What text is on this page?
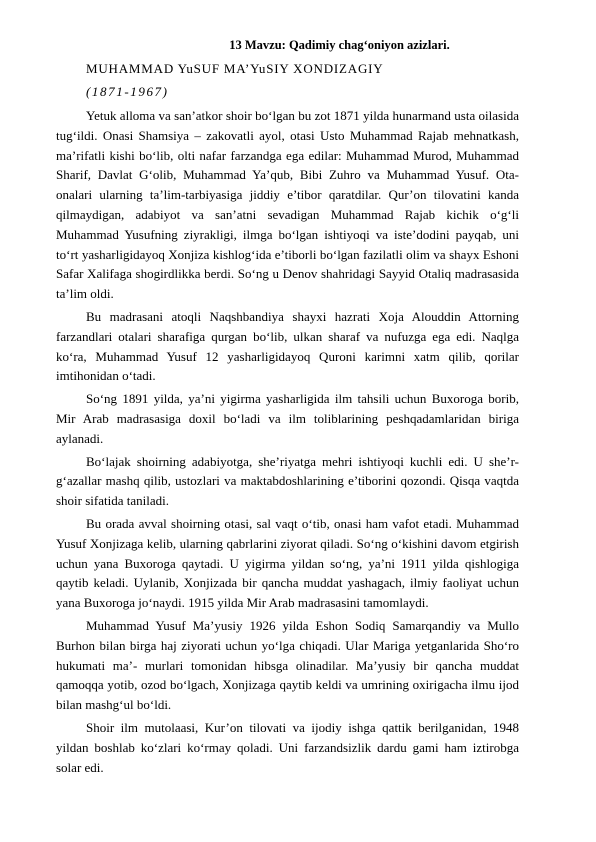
13 Mavzu: Qadimiy chag‘oniyon azizlari.
MUHAMMAD YuSUF MA’YuSIY XONDIZAGIY
(1871-1967)

Yetuk alloma va san’atkor shoir bo‘lgan bu zot 1871 yilda hunarmand usta oilasida tug‘ildi. Onasi Shamsiya – zakovatli ayol, otasi Usto Muhammad Rajab mehnatkash, ma’rifatli kishi bo‘lib, olti nafar farzandga ega edilar: Muhammad Murod, Muhammad Sharif, Davlat G‘olib, Muhammad Ya’qub, Bibi Zuhro va Muhammad Yusuf. Ota-onalari ularning ta’lim-tarbiyasiga jiddiy e’tibor qaratdilar. Qur’on tilovatini kanda qilmaydigan, adabiyot va san’atni sevadigan Muhammad Rajab kichik o‘g‘li Muhammad Yusufning ziyrakligi, ilmga bo‘lgan ishtiyoqi va iste’dodini payqab, uni to‘rt yasharligidayoq Xonjiza kishlog‘ida e’tiborli bo‘lgan fazilatli olim va shayx Eshoni Safar Xalifaga shogirdlikka berdi. So‘ng u Denov shahridagi Sayyid Otaliq madrasasida ta’lim oldi.

Bu madrasani atoqli Naqshbandiya shayxi hazrati Xoja Alouddin Attorning farzandlari otalari sharafiga qurgan bo‘lib, ulkan sharaf va nufuzga ega edi. Naqlga ko‘ra, Muhammad Yusuf 12 yasharligidayoq Quroni karimni xatm qilib, qorilar imtihonidan o‘tadi.

So‘ng 1891 yilda, ya’ni yigirma yasharligida ilm tahsili uchun Buxoroga borib, Mir Arab madrasasiga doxil bo‘ladi va ilm toliblarining peshqadamlaridan biriga aylanadi.

Bo‘lajak shoirning adabiyotga, she’riyatga mehri ishtiyoqi kuchli edi. U she’r-g‘azallar mashq qilib, ustozlari va maktabdoshlarining e’tiborini qozondi. Qisqa vaqtda shoir sifatida taniladi.

Bu orada avval shoirning otasi, sal vaqt o‘tib, onasi ham vafot etadi. Muhammad Yusuf Xonjizaga kelib, ularning qabrlarini ziyorat qiladi. So‘ng o‘kishini davom etgirish uchun yana Buxoroga qaytadi. U yigirma yildan so‘ng, ya’ni 1911 yilda qishlogiga qaytib keladi. Uylanib, Xonjizada bir qancha muddat yashagach, ilmiy faoliyat uchun yana Buxoroga jo‘naydi. 1915 yilda Mir Arab madrasasini tamomlaydi.

Muhammad Yusuf Ma’yusiy 1926 yilda Eshon Sodiq Samarqandiy va Mullo Burhon bilan birga haj ziyorati uchun yo‘lga chiqadi. Ular Mariga yetganlarida Sho‘ro hukumati ma’- murlari tomonidan hibsga olinadilar. Ma’yusiy bir qancha muddat qamoqqa yotib, ozod bo‘lgach, Xonjizaga qaytib keldi va umrining oxirigacha ilmu ijod bilan mashg‘ul bo‘ldi.

Shoir ilm mutolaasi, Kur’on tilovati va ijodiy ishga qattik berilganidan, 1948 yildan boshlab ko‘zlari ko‘rmay qoladi. Uni farzandsizlik dardu gami ham iztirobga solar edi.
